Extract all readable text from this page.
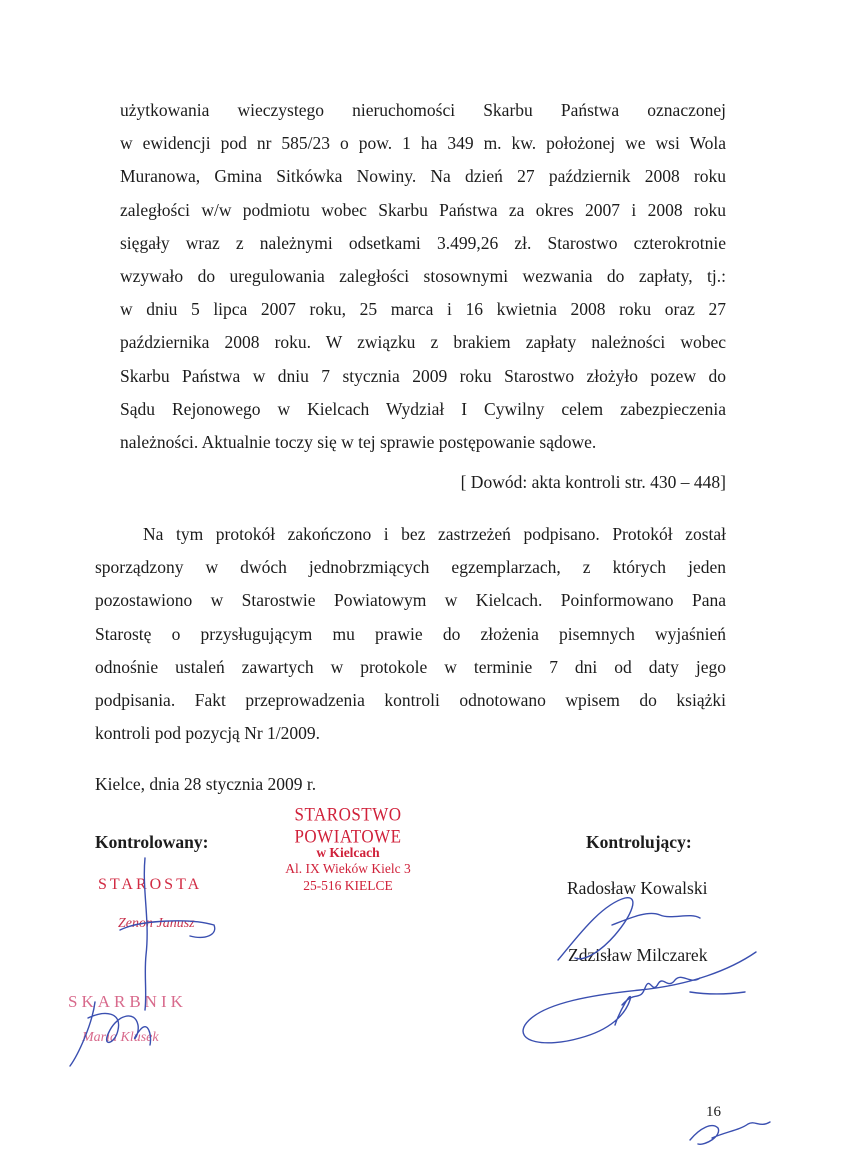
użytkowania wieczystego nieruchomości Skarbu Państwa oznaczonej
w ewidencji pod nr 585/23 o pow. 1 ha 349 m. kw. położonej we wsi Wola
Muranowa, Gmina Sitkówka Nowiny. Na dzień 27 październik 2008 roku
zaległości w/w podmiotu wobec Skarbu Państwa za okres 2007 i 2008 roku
sięgały wraz z należnymi odsetkami 3.499,26 zł. Starostwo czterokrotnie
wzywało do uregulowania zaległości stosownymi wezwania do zapłaty, tj.:
w dniu 5 lipca 2007 roku, 25 marca i 16 kwietnia 2008 roku oraz 27
października 2008 roku. W związku z brakiem zapłaty należności wobec
Skarbu Państwa w dniu 7 stycznia 2009 roku Starostwo złożyło pozew do
Sądu Rejonowego w Kielcach Wydział I Cywilny celem zabezpieczenia
należności. Aktualnie toczy się w tej sprawie postępowanie sądowe.
[ Dowód: akta kontroli str. 430 – 448]
Na tym protokół zakończono i bez zastrzeżeń podpisano. Protokół został
sporządzony w dwóch jednobrzmiących egzemplarzach, z których jeden
pozostawiono w Starostwie Powiatowym w Kielcach. Poinformowano Pana
Starostę o przysługującym mu prawie do złożenia pisemnych wyjaśnień
odnośnie ustaleń zawartych w protokole w terminie 7 dni od daty jego
podpisania. Fakt przeprowadzenia kontroli odnotowano wpisem do książki
kontroli pod pozycją Nr 1/2009.
Kielce, dnia 28 stycznia 2009 r.
Kontrolowany:	Kontrolujący:
STAROSTWO POWIATOWE
w Kielcach
Al. IX Wieków Kielc 3
25-516 KIELCE
STAROSTA
Zenon Janusz
SKARBNIK
Maria Klusek
Radosław Kowalski
Zdzisław Milczarek
16
